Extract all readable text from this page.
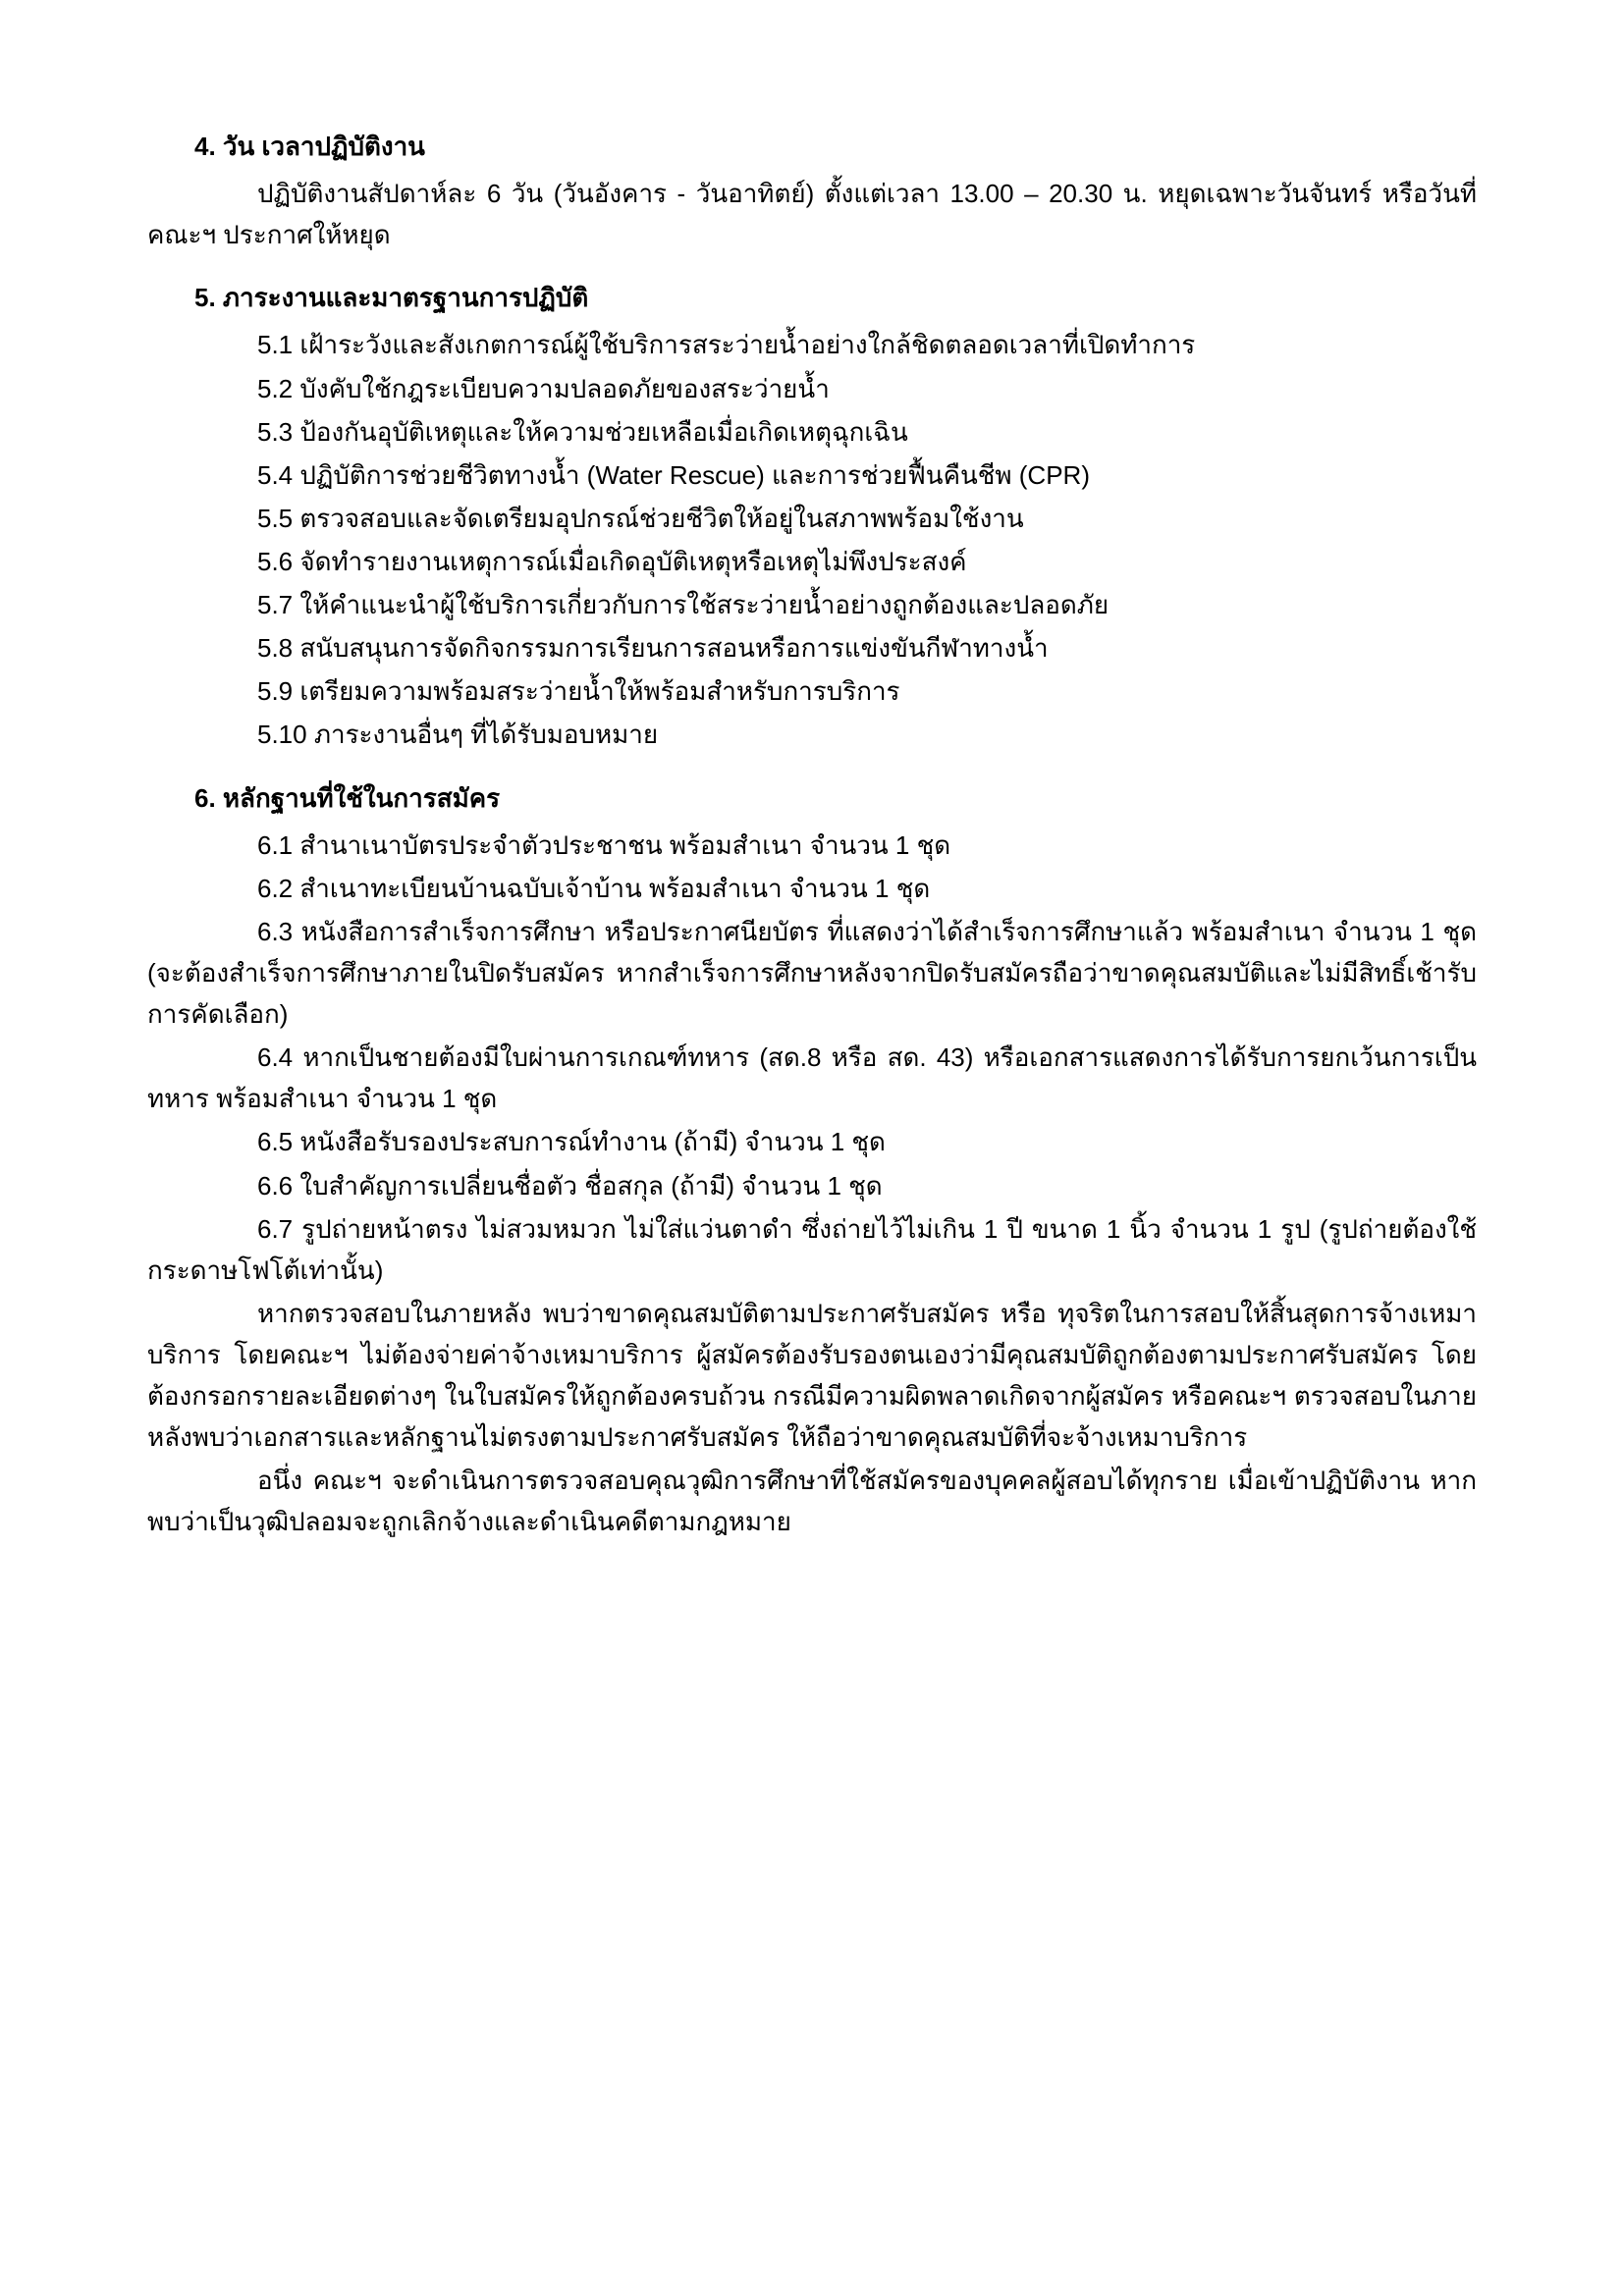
4. วัน เวลาปฏิบัติงาน
ปฏิบัติงานสัปดาห์ละ 6 วัน (วันอังคาร - วันอาทิตย์) ตั้งแต่เวลา 13.00 – 20.30 น. หยุดเฉพาะวันจันทร์ หรือวันที่คณะฯ ประกาศให้หยุด
5. ภาระงานและมาตรฐานการปฏิบัติ
5.1 เฝ้าระวังและสังเกตการณ์ผู้ใช้บริการสระว่ายน้ำอย่างใกล้ชิดตลอดเวลาที่เปิดทำการ
5.2 บังคับใช้กฎระเบียบความปลอดภัยของสระว่ายน้ำ
5.3 ป้องกันอุบัติเหตุและให้ความช่วยเหลือเมื่อเกิดเหตุฉุกเฉิน
5.4 ปฏิบัติการช่วยชีวิตทางน้ำ (Water Rescue) และการช่วยฟื้นคืนชีพ (CPR)
5.5 ตรวจสอบและจัดเตรียมอุปกรณ์ช่วยชีวิตให้อยู่ในสภาพพร้อมใช้งาน
5.6 จัดทำรายงานเหตุการณ์เมื่อเกิดอุบัติเหตุหรือเหตุไม่พึงประสงค์
5.7 ให้คำแนะนำผู้ใช้บริการเกี่ยวกับการใช้สระว่ายน้ำอย่างถูกต้องและปลอดภัย
5.8 สนับสนุนการจัดกิจกรรมการเรียนการสอนหรือการแข่งขันกีฬาทางน้ำ
5.9 เตรียมความพร้อมสระว่ายน้ำให้พร้อมสำหรับการบริการ
5.10 ภาระงานอื่นๆ ที่ได้รับมอบหมาย
6. หลักฐานที่ใช้ในการสมัคร
6.1 สำนาเนาบัตรประจำตัวประชาชน พร้อมสำเนา จำนวน 1 ชุด
6.2 สำเนาทะเบียนบ้านฉบับเจ้าบ้าน พร้อมสำเนา จำนวน 1 ชุด
6.3 หนังสือการสำเร็จการศึกษา หรือประกาศนียบัตร ที่แสดงว่าได้สำเร็จการศึกษาแล้ว พร้อมสำเนา จำนวน 1 ชุด (จะต้องสำเร็จการศึกษาภายในปิดรับสมัคร หากสำเร็จการศึกษาหลังจากปิดรับสมัครถือว่าขาดคุณสมบัติและไม่มีสิทธิ์เช้ารับการคัดเลือก)
6.4 หากเป็นชายต้องมีใบผ่านการเกณฑ์ทหาร (สด.8 หรือ สด. 43) หรือเอกสารแสดงการได้รับการยกเว้นการเป็นทหาร พร้อมสำเนา จำนวน 1 ชุด
6.5 หนังสือรับรองประสบการณ์ทำงาน (ถ้ามี) จำนวน 1 ชุด
6.6 ใบสำคัญการเปลี่ยนชื่อตัว ชื่อสกุล (ถ้ามี) จำนวน 1 ชุด
6.7 รูปถ่ายหน้าตรง ไม่สวมหมวก ไม่ใส่แว่นตาดำ ซึ่งถ่ายไว้ไม่เกิน 1 ปี ขนาด 1 นิ้ว จำนวน 1 รูป (รูปถ่ายต้องใช้กระดาษโฟโต้เท่านั้น)
หากตรวจสอบในภายหลัง พบว่าขาดคุณสมบัติตามประกาศรับสมัคร หรือ ทุจริตในการสอบให้สิ้นสุดการจ้างเหมาบริการ โดยคณะฯ ไม่ต้องจ่ายค่าจ้างเหมาบริการ ผู้สมัครต้องรับรองตนเองว่ามีคุณสมบัติถูกต้องตามประกาศรับสมัคร โดยต้องกรอกรายละเอียดต่างๆ ในใบสมัครให้ถูกต้องครบถ้วน กรณีมีความผิดพลาดเกิดจากผู้สมัคร หรือคณะฯ ตรวจสอบในภายหลังพบว่าเอกสารและหลักฐานไม่ตรงตามประกาศรับสมัคร ให้ถือว่าขาดคุณสมบัติที่จะจ้างเหมาบริการ
อนึ่ง คณะฯ จะดำเนินการตรวจสอบคุณวุฒิการศึกษาที่ใช้สมัครของบุคคลผู้สอบได้ทุกราย เมื่อเข้าปฏิบัติงาน หากพบว่าเป็นวุฒิปลอมจะถูกเลิกจ้างและดำเนินคดีตามกฎหมาย
